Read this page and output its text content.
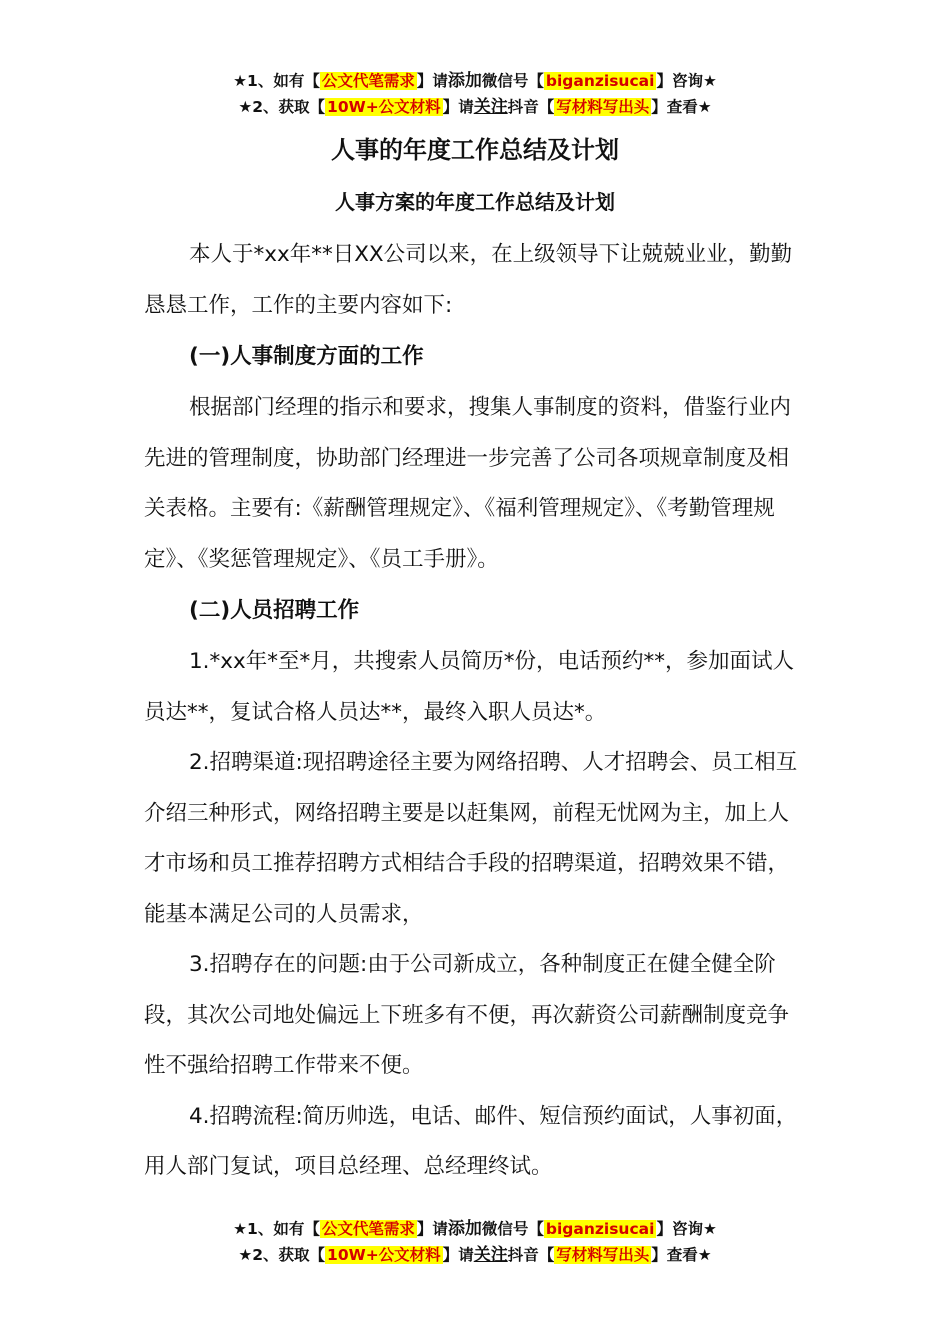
★1、如有【 公文代笔需求 】请添加微信号【 biganzisucai 】咨询★
★2、获取【 10W+公文材料 】请关注抖音【 写材料写出头 】查看★
人事的年度工作总结及计划
人事方案的年度工作总结及计划

本人于*xx年**日XX公司以来，在上级领导下让兢兢业业，勤勤恳恳工作，工作的主要内容如下:

(一)人事制度方面的工作

根据部门经理的指示和要求，搜集人事制度的资料，借鉴行业内先进的管理制度，协助部门经理进一步完善了公司各项规章制度及相关表格。主要有:《薪酬管理规定》、《福利管理规定》、《考勤管理规定》、《奖惩管理规定》、《员工手册》。

(二)人员招聘工作

1.*xx年*至*月，共搜索人员简历*份，电话预约**，参加面试人员达**，复试合格人员达**，最终入职人员达*。

2.招聘渠道:现招聘途径主要为网络招聘、人才招聘会、员工相互介绍三种形式，网络招聘主要是以赶集网，前程无忧网为主，加上人才市场和员工推荐招聘方式相结合手段的招聘渠道，招聘效果不错，能基本满足公司的人员需求，

3.招聘存在的问题:由于公司新成立，各种制度正在健全健全阶段，其次公司地处偏远上下班多有不便，再次薪资公司薪酬制度竞争性不强给招聘工作带来不便。

4.招聘流程:简历帅选，电话、邮件、短信预约面试，人事初面，用人部门复试，项目总经理、总经理终试。

★1、如有【 公文代笔需求 】请添加微信号【 biganzisucai 】咨询★
★2、获取【 10W+公文材料 】请关注抖音【 写材料写出头 】查看★
